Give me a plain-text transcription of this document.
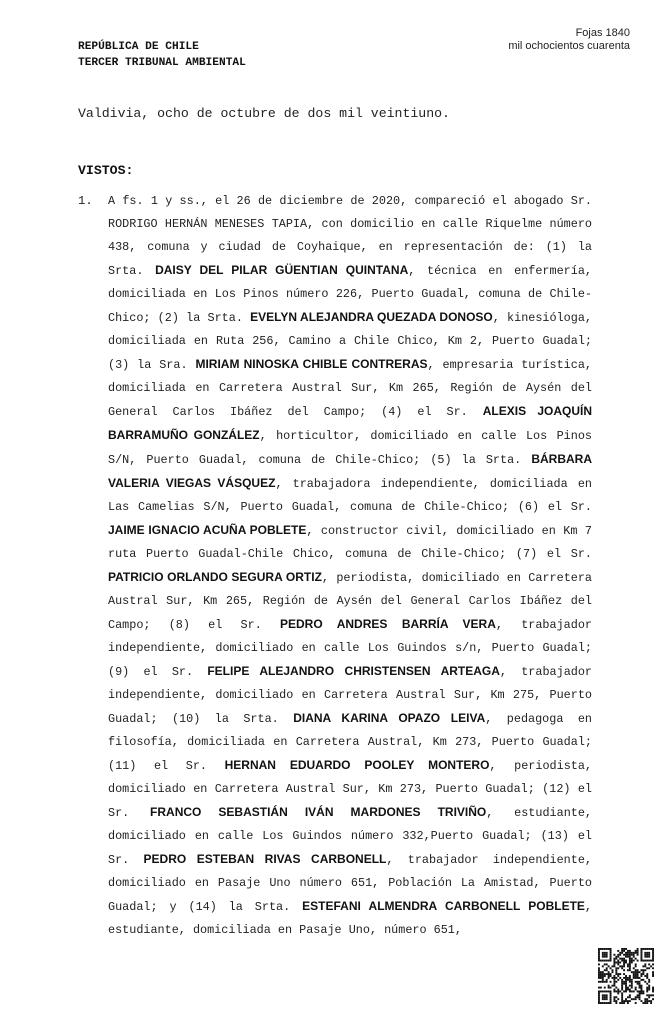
Fojas 1840
mil ochocientos cuarenta
REPÚBLICA DE CHILE
TERCER TRIBUNAL AMBIENTAL
Valdivia, ocho de octubre de dos mil veintiuno.
VISTOS:
1. A fs. 1 y ss., el 26 de diciembre de 2020, compareció el abogado Sr. RODRIGO HERNÁN MENESES TAPIA, con domicilio en calle Riquelme número 438, comuna y ciudad de Coyhaique, en representación de: (1) la Srta. DAISY DEL PILAR GÜENTIAN QUINTANA, técnica en enfermería, domiciliada en Los Pinos número 226, Puerto Guadal, comuna de Chile-Chico; (2) la Srta. EVELYN ALEJANDRA QUEZADA DONOSO, kinesióloga, domiciliada en Ruta 256, Camino a Chile Chico, Km 2, Puerto Guadal; (3) la Sra. MIRIAM NINOSKA CHIBLE CONTRERAS, empresaria turística, domiciliada en Carretera Austral Sur, Km 265, Región de Aysén del General Carlos Ibáñez del Campo; (4) el Sr. ALEXIS JOAQUÍN BARRAMUÑO GONZÁLEZ, horticultor, domiciliado en calle Los Pinos S/N, Puerto Guadal, comuna de Chile-Chico; (5) la Srta. BÁRBARA VALERIA VIEGAS VÁSQUEZ, trabajadora independiente, domiciliada en Las Camelias S/N, Puerto Guadal, comuna de Chile-Chico; (6) el Sr. JAIME IGNACIO ACUÑA POBLETE, constructor civil, domiciliado en Km 7 ruta Puerto Guadal-Chile Chico, comuna de Chile-Chico; (7) el Sr. PATRICIO ORLANDO SEGURA ORTIZ, periodista, domiciliado en Carretera Austral Sur, Km 265, Región de Aysén del General Carlos Ibáñez del Campo; (8) el Sr. PEDRO ANDRES BARRÍA VERA, trabajador independiente, domiciliado en calle Los Guindos s/n, Puerto Guadal; (9) el Sr. FELIPE ALEJANDRO CHRISTENSEN ARTEAGA, trabajador independiente, domiciliado en Carretera Austral Sur, Km 275, Puerto Guadal; (10) la Srta. DIANA KARINA OPAZO LEIVA, pedagoga en filosofía, domiciliada en Carretera Austral, Km 273, Puerto Guadal; (11) el Sr. HERNAN EDUARDO POOLEY MONTERO, periodista, domiciliado en Carretera Austral Sur, Km 273, Puerto Guadal; (12) el Sr. FRANCO SEBASTIÁN IVÁN MARDONES TRIVIÑO, estudiante, domiciliado en calle Los Guindos número 332,Puerto Guadal; (13) el Sr. PEDRO ESTEBAN RIVAS CARBONELL, trabajador independiente, domiciliado en Pasaje Uno número 651, Población La Amistad, Puerto Guadal; y (14) la Srta. ESTEFANI ALMENDRA CARBONELL POBLETE, estudiante, domiciliada en Pasaje Uno, número 651,
